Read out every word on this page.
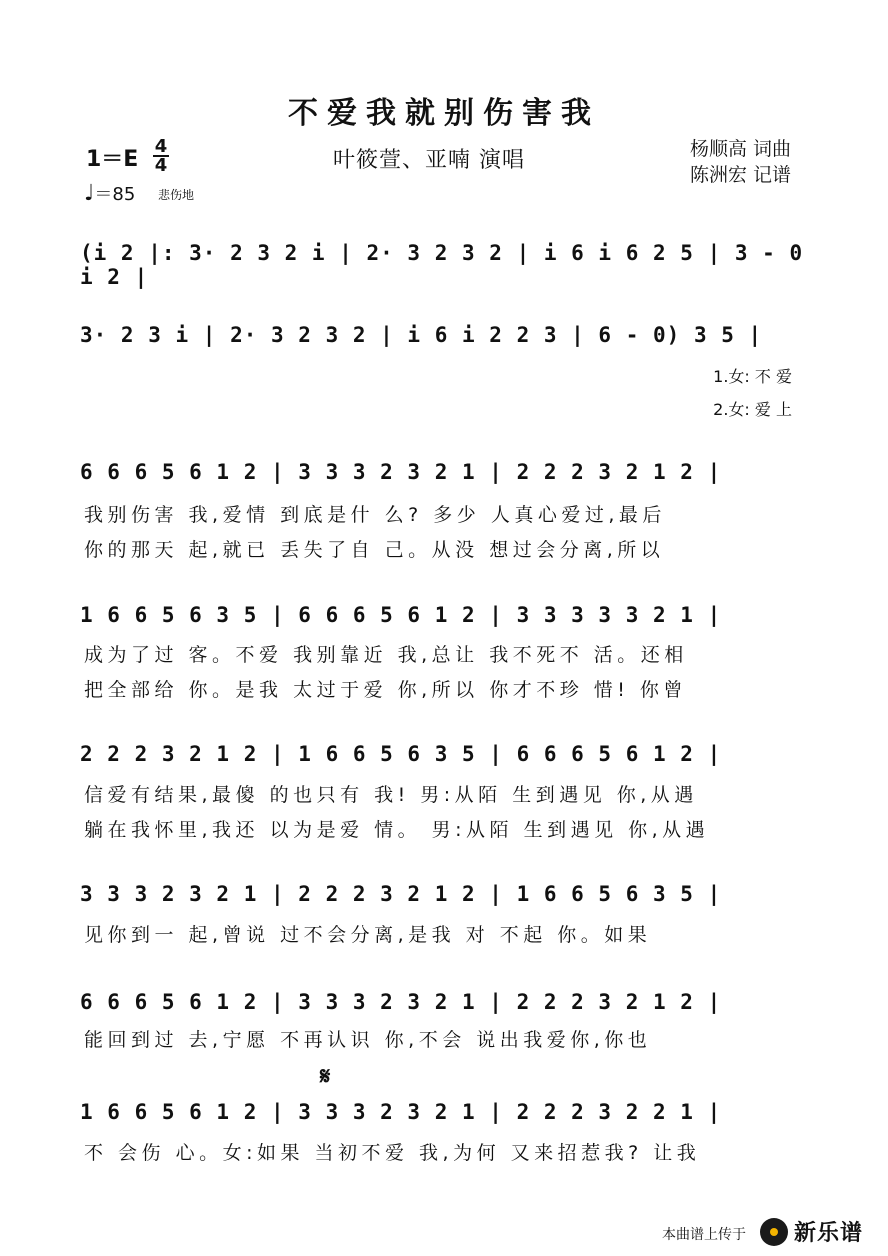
不爱我就别伤害我
1＝E
4
4
♩＝85 悲伤地
叶筱萱、亚喃 演唱	杨顺高 词曲
陈洲宏 记谱
(i 2 |: 3· 2 3 2 i | 2· 3 2 3 2 | i 6 i 6 2 5 | 3 - 0 i 2 |
3· 2 3 i | 2· 3 2 3 2 | i 6 i 2 2 3 | 6 - 0) 3 5 |
1.女: 不 爱
2.女: 爱 上
6 6 6 5 6 1 2 | 3 3 3 2 3 2 1 | 2 2 2 3 2 1 2 |
我别伤害 我,爱情 到底是什 么? 多少 人真心爱过,最后
你的那天 起,就已 丢失了自 己。从没 想过会分离,所以
1 6 6 5 6 3 5 | 6 6 6 5 6 1 2 | 3 3 3 3 3 2 1 |
成为了过 客。不爱 我别靠近 我,总让 我不死不 活。还相
把全部给 你。是我 太过于爱 你,所以 你才不珍 惜! 你曾
2 2 2 3 2 1 2 | 1 6 6 5 6 3 5 | 6 6 6 5 6 1 2 |
信爱有结果,最傻 的也只有 我! 男:从陌 生到遇见 你,从遇
躺在我怀里,我还 以为是爱 情。 男:从陌 生到遇见 你,从遇
3 3 3 2 3 2 1 | 2 2 2 3 2 1 2 | 1 6 6 5 6 3 5 |
见你到一 起,曾说 过不会分离,是我 对 不起 你。如果
6 6 6 5 6 1 2 | 3 3 3 2 3 2 1 | 2 2 2 3 2 1 2 |
能回到过 去,宁愿 不再认识 你,不会 说出我爱你,你也
𝄋
1 6 6 5 6 1 2 | 3 3 3 2 3 2 1 | 2 2 2 3 2 2 1 |
不 会伤 心。女:如果 当初不爱 我,为何 又来招惹我? 让我
本曲谱上传于 新乐谱
